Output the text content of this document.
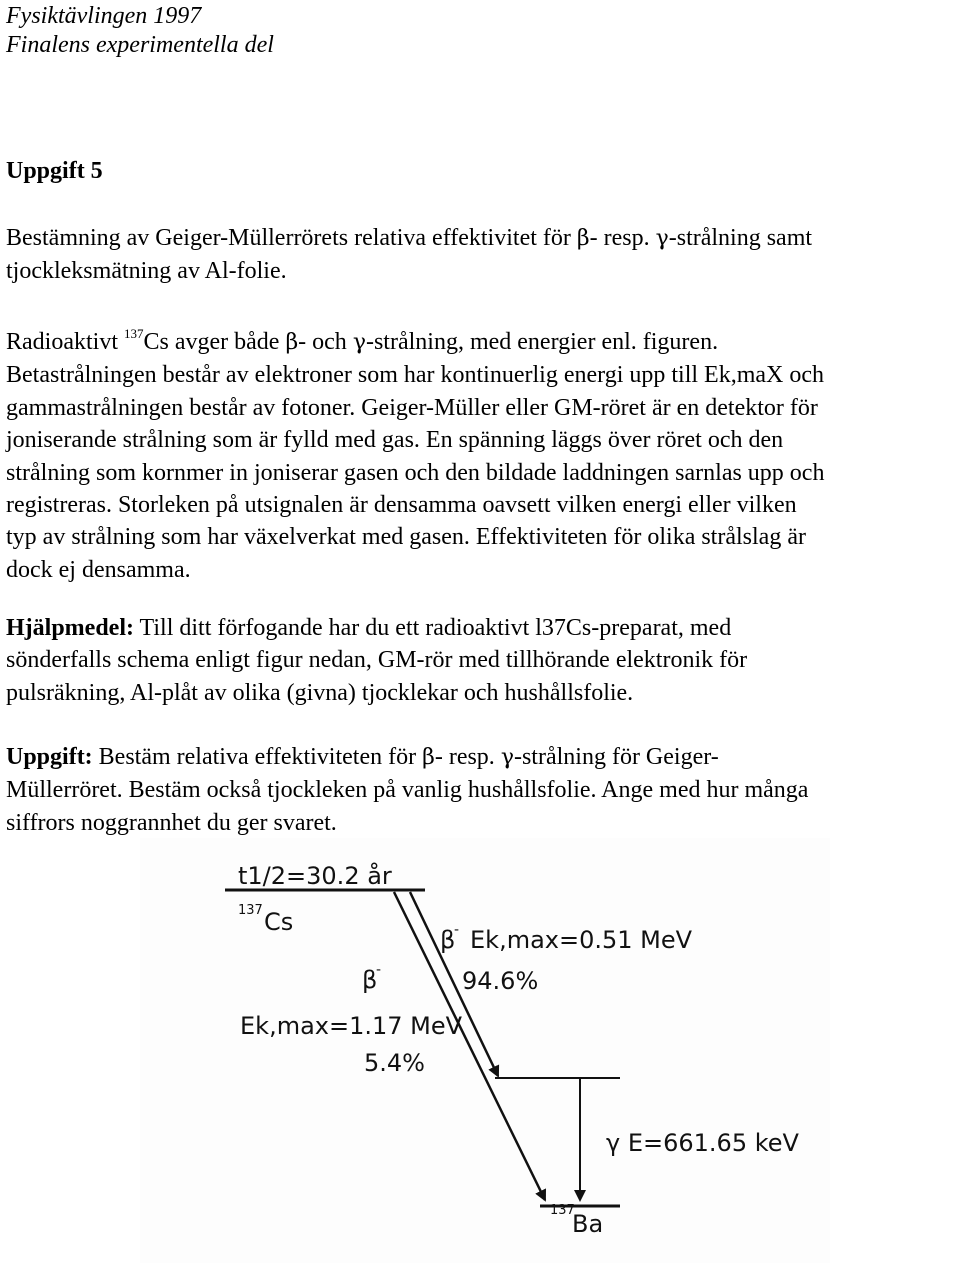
Fysiktävlingen 1997
Finalens experimentella del
Uppgift 5
Bestämning av Geiger-Müllerrörets relativa effektivitet för β- resp. γ-strålning samt
tjockleksmätning av Al-folie.
Radioaktivt $^{137}$Cs avger både β- och γ-strålning, med energier enl. figuren.
Betastrålningen består av elektroner som har kontinuerlig energi upp till Ek,maX och
gammastrålningen består av fotoner. Geiger-Müller eller GM-röret är en detektor för
joniserande strålning som är fylld med gas. En spänning läggs över röret och den
strålning som kornmer in joniserar gasen och den bildade laddningen sarnlas upp och
registreras. Storleken på utsignalen är densamma oavsett vilken energi eller vilken
typ av strålning som har växelverkat med gasen. Effektiviteten för olika strålslag är
dock ej densamma.
Hjälpmedel: Till ditt förfogande har du ett radioaktivt l37Cs-preparat, med
sönderfalls schema enligt figur nedan, GM-rör med tillhörande elektronik för
pulsräkning, Al-plåt av olika (givna) tjocklekar och hushållsfolie.
Uppgift: Bestäm relativa effektiviteten för β- resp. γ-strålning för Geiger-
Müllerröret. Bestäm också tjockleken på vanlig hushållsfolie. Ange med hur många
siffrors noggrannhet du ger svaret.
t1/2=30.2 år
137 Cs
137
Ba
β
- Ek,max=0.51 MeV
94.6%
β
-
Ek,max=1.17 MeV
5.4%
γ E=661.65 keV
